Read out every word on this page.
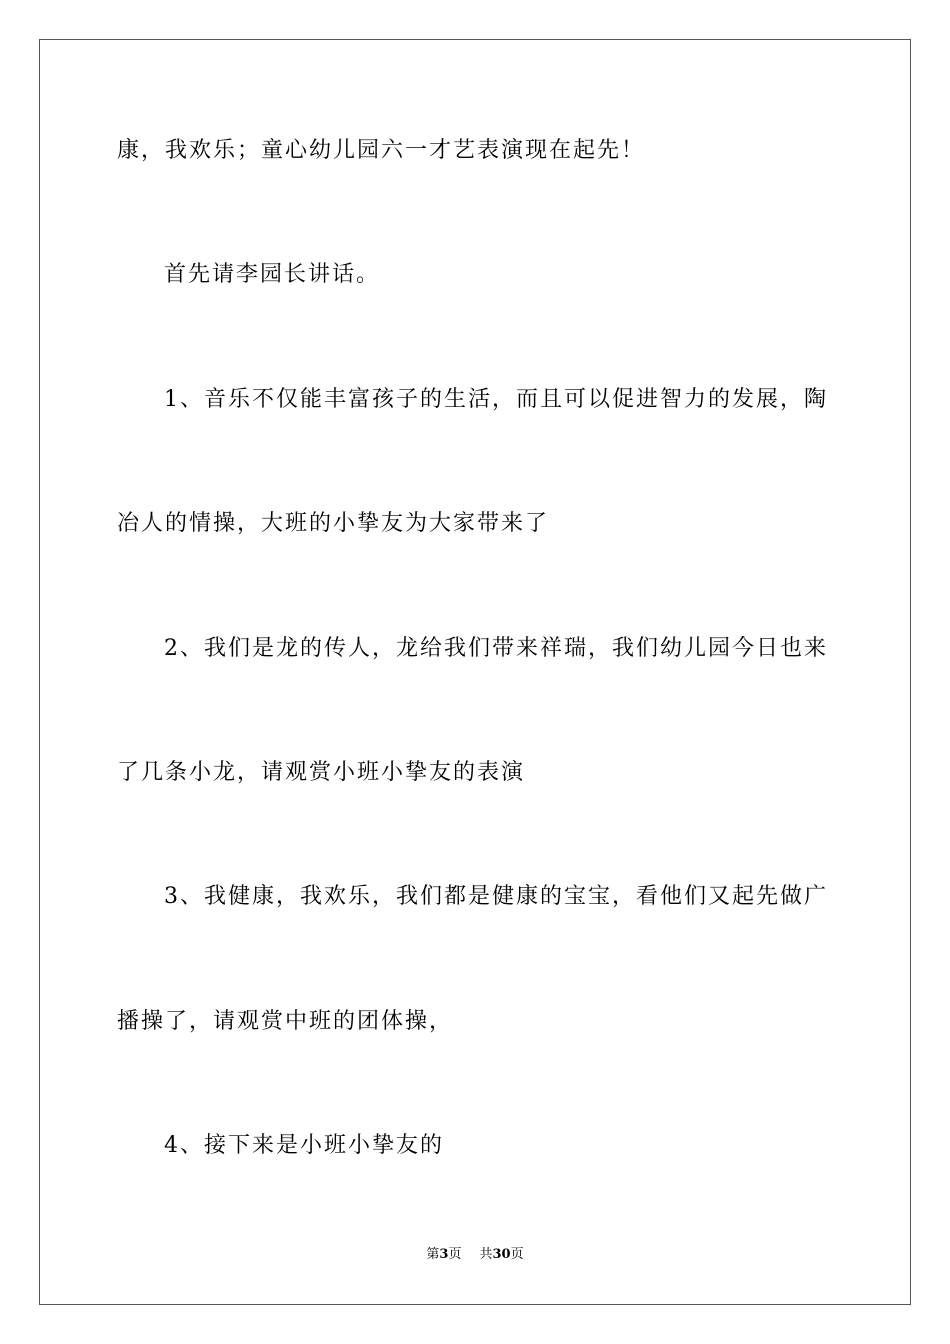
康，我欢乐；童心幼儿园六一才艺表演现在起先！
首先请李园长讲话。
1、音乐不仅能丰富孩子的生活，而且可以促进智力的发展，陶
冶人的情操，大班的小挚友为大家带来了
2、我们是龙的传人，龙给我们带来祥瑞，我们幼儿园今日也来
了几条小龙，请观赏小班小挚友的表演
3、我健康，我欢乐，我们都是健康的宝宝，看他们又起先做广
播操了，请观赏中班的团体操，
4、接下来是小班小挚友的
第3页 共30页
